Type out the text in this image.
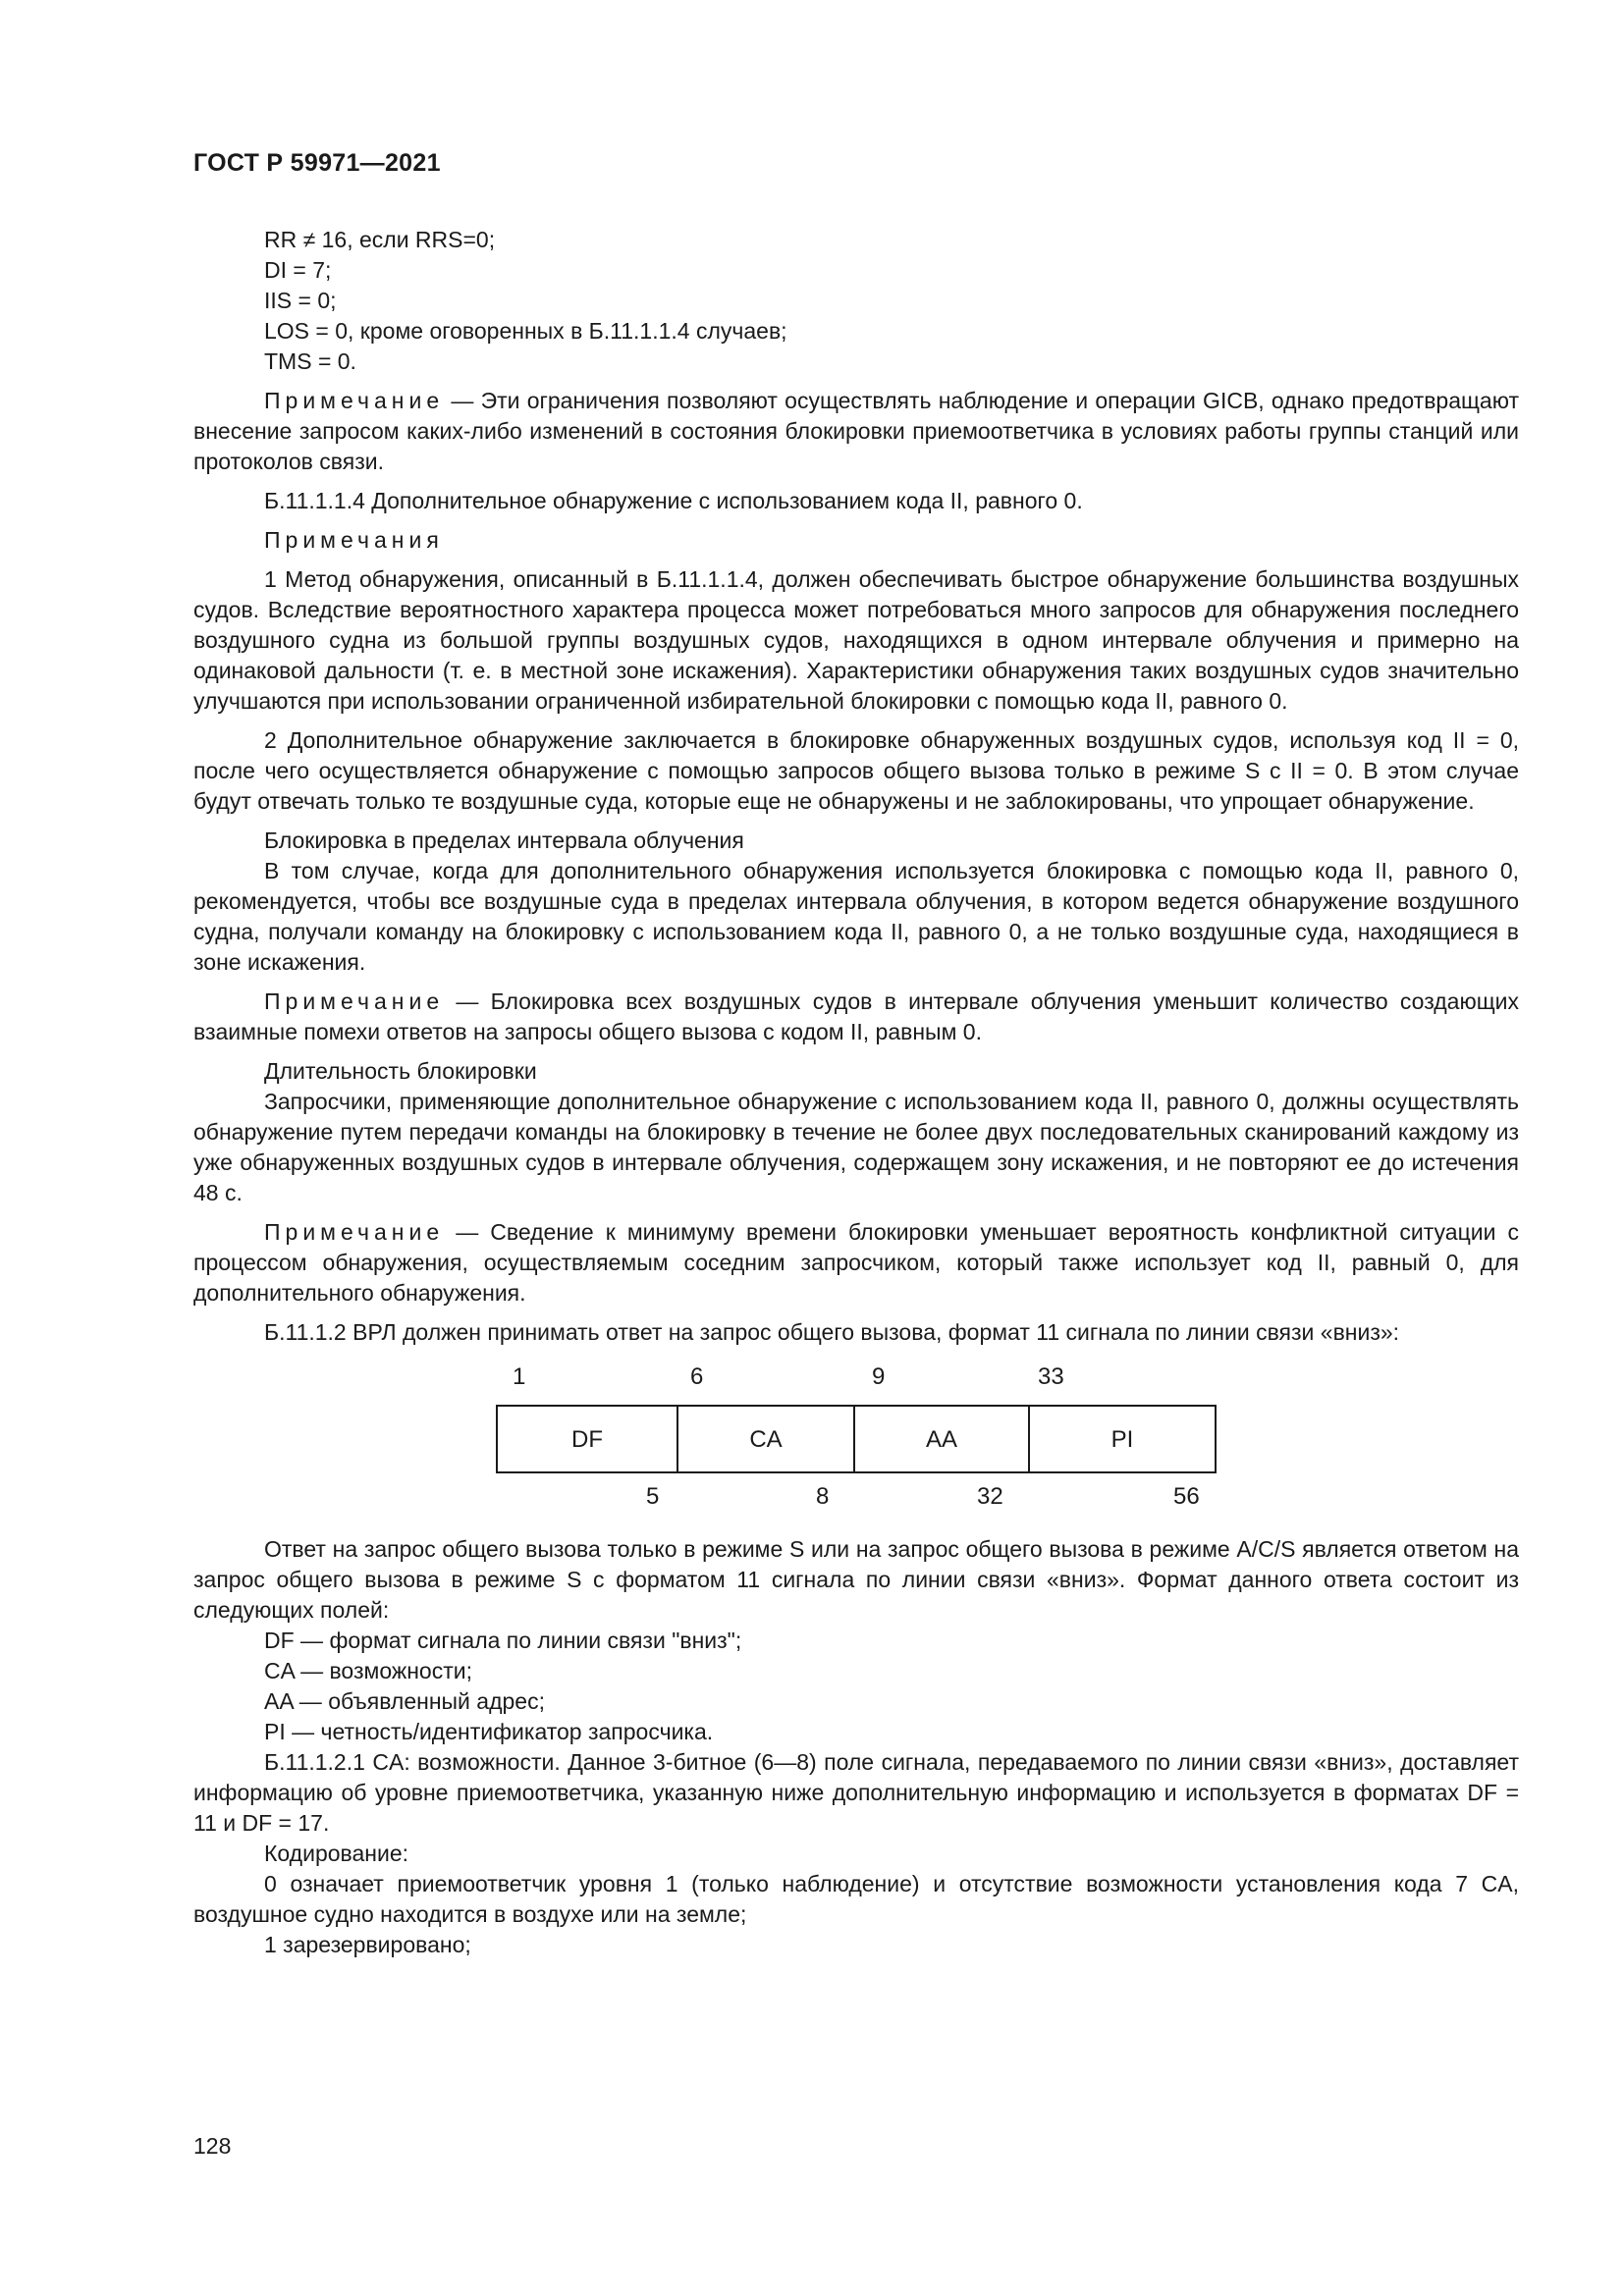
ГОСТ Р 59971—2021

RR ≠ 16, если RRS=0;

DI = 7;

IIS = 0;

LOS = 0, кроме оговоренных в Б.11.1.1.4 случаев;

TMS = 0.

Примечание — Эти ограничения позволяют осуществлять наблюдение и операции GICB, однако предотвращают внесение запросом каких-либо изменений в состояния блокировки приемоответчика в условиях работы группы станций или протоколов связи.

Б.11.1.1.4 Дополнительное обнаружение с использованием кода II, равного 0.

Примечания

1 Метод обнаружения, описанный в Б.11.1.1.4, должен обеспечивать быстрое обнаружение большинства воздушных судов. Вследствие вероятностного характера процесса может потребоваться много запросов для обнаружения последнего воздушного судна из большой группы воздушных судов, находящихся в одном интервале облучения и примерно на одинаковой дальности (т. е. в местной зоне искажения). Характеристики обнаружения таких воздушных судов значительно улучшаются при использовании ограниченной избирательной блокировки с помощью кода II, равного 0.

2 Дополнительное обнаружение заключается в блокировке обнаруженных воздушных судов, используя код II = 0, после чего осуществляется обнаружение с помощью запросов общего вызова только в режиме S с II = 0. В этом случае будут отвечать только те воздушные суда, которые еще не обнаружены и не заблокированы, что упрощает обнаружение.

Блокировка в пределах интервала облучения

В том случае, когда для дополнительного обнаружения используется блокировка с помощью кода II, равного 0, рекомендуется, чтобы все воздушные суда в пределах интервала облучения, в котором ведется обнаружение воздушного судна, получали команду на блокировку с использованием кода II, равного 0, а не только воздушные суда, находящиеся в зоне искажения.

Примечание — Блокировка всех воздушных судов в интервале облучения уменьшит количество создающих взаимные помехи ответов на запросы общего вызова с кодом II, равным 0.

Длительность блокировки

Запросчики, применяющие дополнительное обнаружение с использованием кода II, равного 0, должны осуществлять обнаружение путем передачи команды на блокировку в течение не более двух последовательных сканирований каждому из уже обнаруженных воздушных судов в интервале облучения, содержащем зону искажения, и не повторяют ее до истечения 48 с.

Примечание — Сведение к минимуму времени блокировки уменьшает вероятность конфликтной ситуации с процессом обнаружения, осуществляемым соседним запросчиком, который также использует код II, равный 0, для дополнительного обнаружения.

Б.11.1.2 ВРЛ должен принимать ответ на запрос общего вызова, формат 11 сигнала по линии связи «вниз»:

1	6	9	33
DF	CA	AA	PI
5	8	32	56

Ответ на запрос общего вызова только в режиме S или на запрос общего вызова в режиме A/C/S является ответом на запрос общего вызова в режиме S с форматом 11 сигнала по линии связи «вниз». Формат данного ответа состоит из следующих полей:

DF — формат сигнала по линии связи "вниз";

CA — возможности;

AA — объявленный адрес;

PI — четность/идентификатор запросчика.

Б.11.1.2.1 CA: возможности. Данное 3-битное (6—8) поле сигнала, передаваемого по линии связи «вниз», доставляет информацию об уровне приемоответчика, указанную ниже дополнительную информацию и используется в форматах DF = 11 и DF = 17.

Кодирование:

0 означает приемоответчик уровня 1 (только наблюдение) и отсутствие возможности установления кода 7 CA, воздушное судно находится в воздухе или на земле;

1 зарезервировано;

128
